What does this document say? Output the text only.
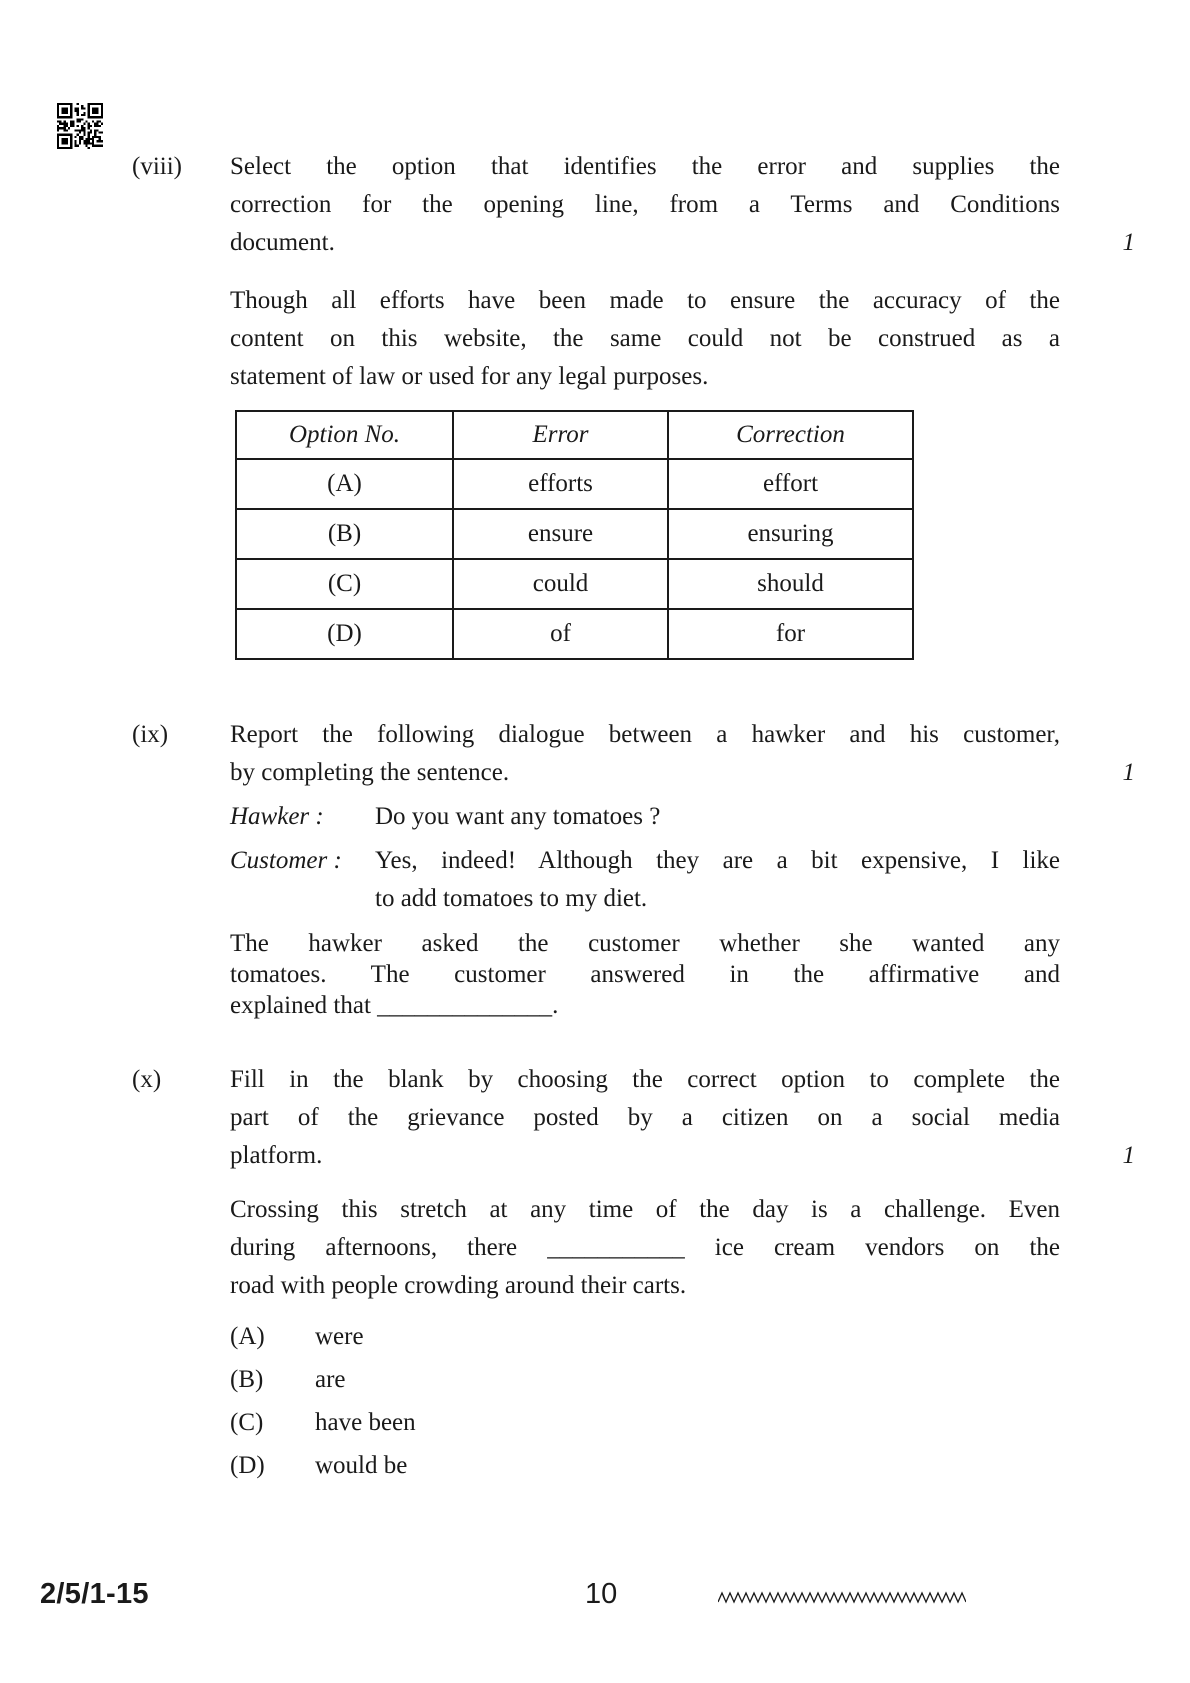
(viii)	Select the option that identifies the error and supplies the
correction for the opening line, from a Terms and Conditions
document.	1
Though all efforts have been made to ensure the accuracy of the
content on this website, the same could not be construed as a
statement of law or used for any legal purposes.
Option No.	Error	Correction
(A)	efforts	effort
(B)	ensure	ensuring
(C)	could	should
(D)	of	for
(ix)	Report the following dialogue between a hawker and his customer,
by completing the sentence.	1
Hawker :	Do you want any tomatoes ?
Customer :	Yes, indeed! Although they are a bit expensive, I like
to add tomatoes to my diet.
The hawker asked the customer whether she wanted any
tomatoes. The customer answered in the affirmative and
explained that ______________.
(x)	Fill in the blank by choosing the correct option to complete the
part of the grievance posted by a citizen on a social media
platform.	1
Crossing this stretch at any time of the day is a challenge. Even
during afternoons, there ___________ ice cream vendors on the
road with people crowding around their carts.
(A)	were
(B)	are
(C)	have been
(D)	would be
2/5/1-15	10
